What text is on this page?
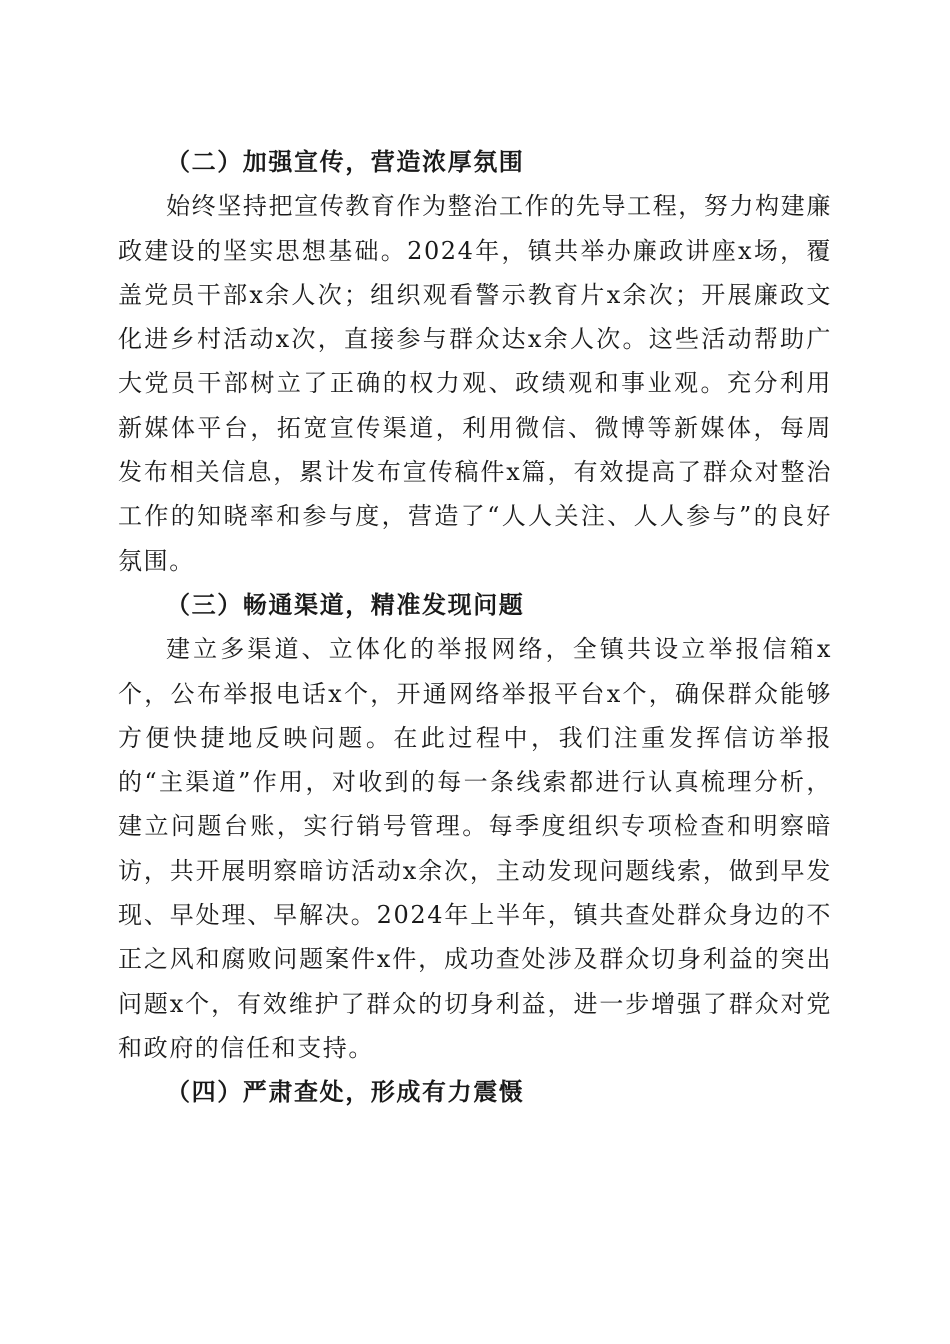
（二）加强宣传，营造浓厚氛围

始终坚持把宣传教育作为整治工作的先导工程，努力构建廉政建设的坚实思想基础。2024年，镇共举办廉政讲座x场，覆盖党员干部x余人次；组织观看警示教育片x余次；开展廉政文化进乡村活动x次，直接参与群众达x余人次。这些活动帮助广大党员干部树立了正确的权力观、政绩观和事业观。充分利用新媒体平台，拓宽宣传渠道，利用微信、微博等新媒体，每周发布相关信息，累计发布宣传稿件x篇，有效提高了群众对整治工作的知晓率和参与度，营造了“人人关注、人人参与”的良好氛围。

（三）畅通渠道，精准发现问题

建立多渠道、立体化的举报网络，全镇共设立举报信箱x个，公布举报电话x个，开通网络举报平台x个，确保群众能够方便快捷地反映问题。在此过程中，我们注重发挥信访举报的“主渠道”作用，对收到的每一条线索都进行认真梳理分析，建立问题台账，实行销号管理。每季度组织专项检查和明察暗访，共开展明察暗访活动x余次，主动发现问题线索，做到早发现、早处理、早解决。2024年上半年，镇共查处群众身边的不正之风和腐败问题案件x件，成功查处涉及群众切身利益的突出问题x个，有效维护了群众的切身利益，进一步增强了群众对党和政府的信任和支持。

（四）严肃查处，形成有力震慑
